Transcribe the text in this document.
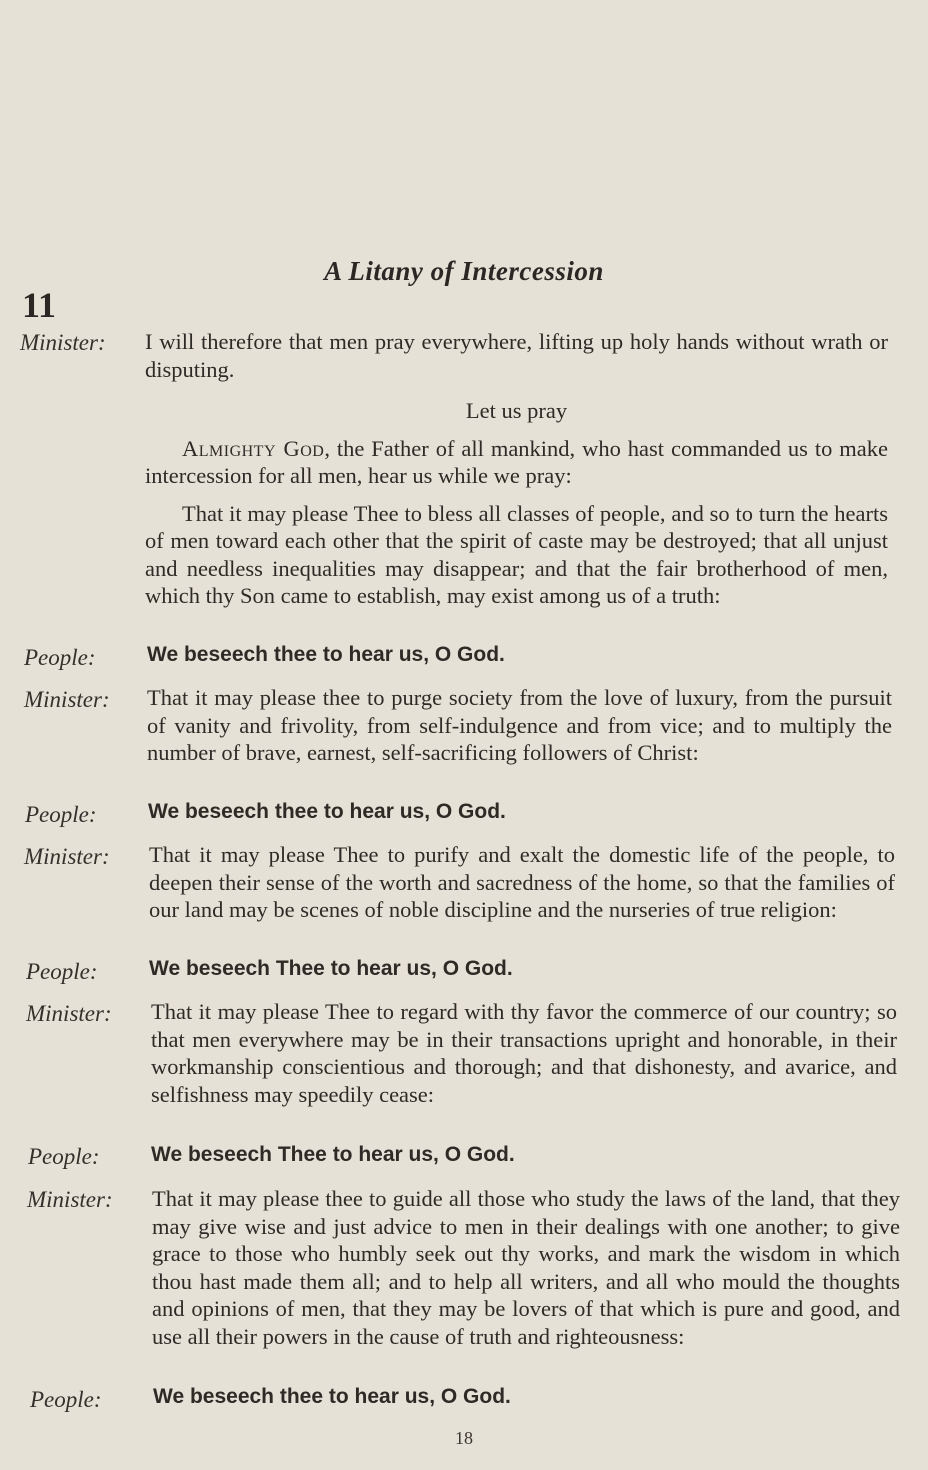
A Litany of Intercession
11
Minister: I will therefore that men pray everywhere, lifting up holy hands without wrath or disputing.

Let us pray

Almighty God, the Father of all mankind, who hast commanded us to make intercession for all men, hear us while we pray:

That it may please Thee to bless all classes of people, and so to turn the hearts of men toward each other that the spirit of caste may be destroyed; that all unjust and needless inequalities may disappear; and that the fair brotherhood of men, which thy Son came to establish, may exist among us of a truth:

People: We beseech thee to hear us, O God.
Minister: That it may please thee to purge society from the love of luxury, from the pursuit of vanity and frivolity, from self-indulgence and from vice; and to multiply the number of brave, earnest, self-sacrificing followers of Christ:
People: We beseech thee to hear us, O God.
Minister: That it may please Thee to purify and exalt the domestic life of the people, to deepen their sense of the worth and sacredness of the home, so that the families of our land may be scenes of noble discipline and the nurseries of true religion:
People: We beseech Thee to hear us, O God.
Minister: That it may please Thee to regard with thy favor the commerce of our country; so that men everywhere may be in their transactions upright and honorable, in their workmanship conscientious and thorough; and that dishonesty, and avarice, and selfishness may speedily cease:
People: We beseech Thee to hear us, O God.
Minister: That it may please thee to guide all those who study the laws of the land, that they may give wise and just advice to men in their dealings with one another; to give grace to those who humbly seek out thy works, and mark the wisdom in which thou hast made them all; and to help all writers, and all who mould the thoughts and opinions of men, that they may be lovers of that which is pure and good, and use all their powers in the cause of truth and righteousness:
People: We beseech thee to hear us, O God.
18
